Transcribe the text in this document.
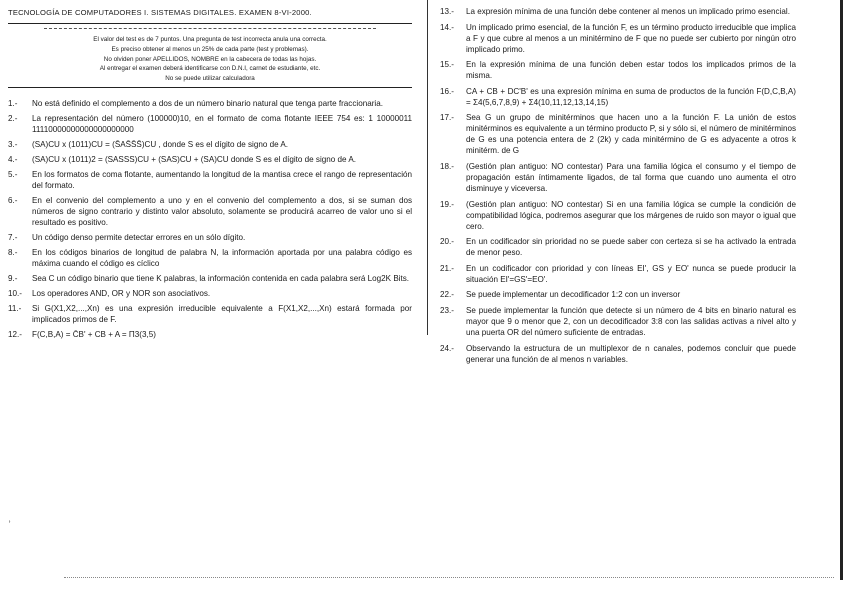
TECNOLOGÍA DE COMPUTADORES I. SISTEMAS DIGITALES. EXAMEN 8-VI-2000.
El valor del test es de 7 puntos. Una pregunta de test incorrecta anula una correcta.
Es preciso obtener al menos un 25% de cada parte (test y problemas).
No olviden poner APELLIDOS, NOMBRE en la cabecera de todas las hojas.
Al entregar el examen deberá identificarse con D.N.I, carnet de estudiante, etc.
No se puede utilizar calculadora
1.-	No está definido el complemento a dos de un número binario natural que tenga parte fraccionaria.
2.-	La representación del número (100000)10, en el formato de coma flotante IEEE 754 es: 1 10000011 11110000000000000000000
3.-	(SA)CU x (1011)CU = (S̄AS̄S̄S̄)CU , donde S es el dígito de signo de A.
4.-	(SA)CU x (1011)2 = (SASSS)CU + (SAS)CU + (SA)CU donde S es el dígito de signo de A.
5.-	En los formatos de coma flotante, aumentando la longitud de la mantisa crece el rango de representación del formato.
6.-	En el convenio del complemento a uno y en el convenio del complemento a dos, si se suman dos números de signo contrario y distinto valor absoluto, solamente se producirá acarreo de valor uno si el resultado es positivo.
7.-	Un código denso permite detectar errores en un sólo dígito.
8.-	En los códigos binarios de longitud de palabra N, la información aportada por una palabra código es máxima cuando el código es cíclico
9.-	Sea C un código binario que tiene K palabras, la información contenida en cada palabra será Log2K Bits.
10.-	Los operadores AND, OR y NOR son asociativos.
11.-	Si G(X1,X2,...,Xn) es una expresión irreducible equivalente a F(X1,X2,...,Xn) estará formada por implicados primos de F.
12.-	F(C,B,A) = C̄B' + CB + A = Π3(3,5)
13.-	La expresión mínima de una función debe contener al menos un implicado primo esencial.
14.-	Un implicado primo esencial, de la función F, es un término producto irreducible que implica a F y que cubre al menos a un minitérmino de F que no puede ser cubierto por ningún otro implicado primo.
15.-	En la expresión mínima de una función deben estar todos los implicados primos de la misma.
16.-	CA + CB + DC'B' es una expresión mínima en suma de productos de la función F(D,C,B,A) = Σ4(5,6,7,8,9) + Σ4(10,11,12,13,14,15)
17.-	Sea G un grupo de minitérminos que hacen uno a la función F. La unión de estos minitérminos es equivalente a un término producto P, si y sólo si, el número de minitérminos de G es una potencia entera de 2 (2k) y cada minitérmino de G es adyacente a otros k minitérm. de G
18.-	(Gestión plan antiguo: NO contestar) Para una familia lógica el consumo y el tiempo de propagación están íntimamente ligados, de tal forma que cuando uno aumenta el otro disminuye y viceversa.
19.-	(Gestión plan antiguo: NO contestar) Si en una familia lógica se cumple la condición de compatibilidad lógica, podremos asegurar que los márgenes de ruido son mayor o igual que cero.
20.-	En un codificador sin prioridad no se puede saber con certeza si se ha activado la entrada de menor peso.
21.-	En un codificador con prioridad y con líneas EI', GS y EO' nunca se puede producir la situación EI'=GS'=EO'.
22.-	Se puede implementar un decodificador 1:2 con un inversor
23.-	Se puede implementar la función que detecte si un número de 4 bits en binario natural es mayor que 9 o menor que 2, con un decodificador 3:8 con las salidas activas a nivel alto y una puerta OR del número suficiente de entradas.
24.-	Observando la estructura de un multiplexor de n canales, podemos concluir que puede generar una función de al menos n variables.
ʾ
